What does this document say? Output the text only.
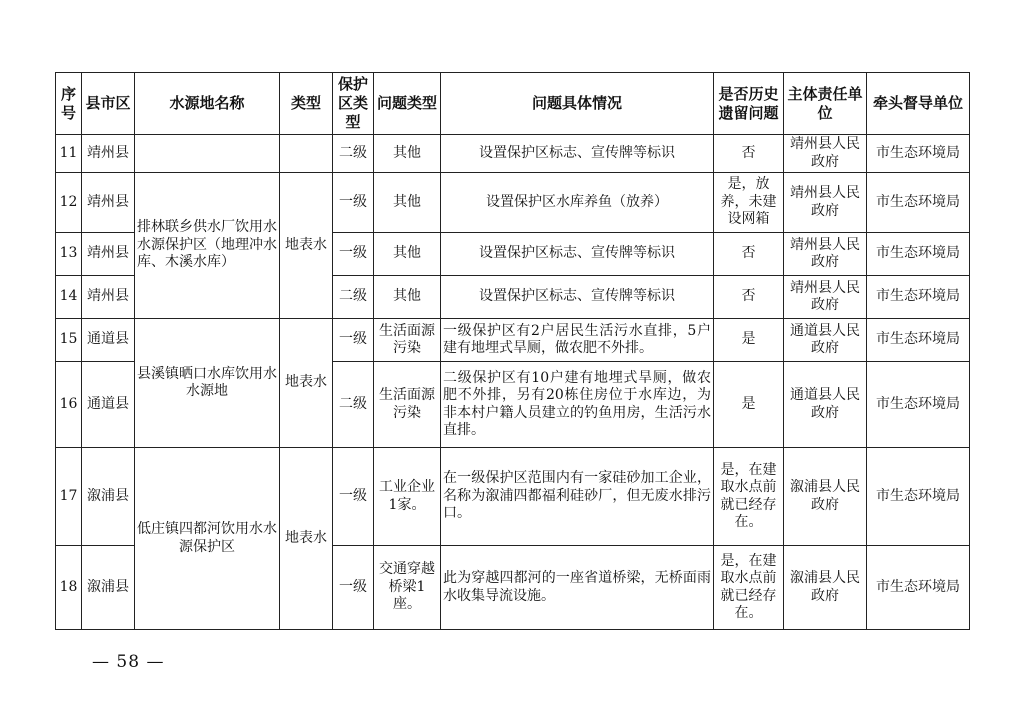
序号	县市区	水源地名称	类型	保护区类型	问题类型	问题具体情况	是否历史遗留问题	主体责任单位	牵头督导单位
11	靖州县			二级	其他	设置保护区标志、宣传牌等标识	否	靖州县人民政府	市生态环境局
12	靖州县	排林联乡供水厂饮用水水源保护区（地理冲水库、木溪水库）	地表水	一级	其他	设置保护区水库养鱼（放养）	是，放养，未建设网箱	靖州县人民政府	市生态环境局
13	靖州县			一级	其他	设置保护区标志、宣传牌等标识	否	靖州县人民政府	市生态环境局
14	靖州县			二级	其他	设置保护区标志、宣传牌等标识	否	靖州县人民政府	市生态环境局
15	通道县	县溪镇晒口水库饮用水水源地	地表水	一级	生活面源污染	一级保护区有2户居民生活污水直排，5户建有地埋式旱厕，做农肥不外排。	是	通道县人民政府	市生态环境局
16	通道县			二级	生活面源污染	二级保护区有10户建有地埋式旱厕，做农肥不外排，另有20栋住房位于水库边，为非本村户籍人员建立的钓鱼用房，生活污水直排。	是	通道县人民政府	市生态环境局
17	溆浦县	低庄镇四都河饮用水水源保护区	地表水	一级	工业企业1家。	在一级保护区范围内有一家硅砂加工企业，名称为溆浦四都福利硅砂厂，但无废水排污口。	是，在建取水点前就已经存在。	溆浦县人民政府	市生态环境局
18	溆浦县			一级	交通穿越桥梁1座。	此为穿越四都河的一座省道桥梁，无桥面雨水收集导流设施。	是，在建取水点前就已经存在。	溆浦县人民政府	市生态环境局
— 58 —
